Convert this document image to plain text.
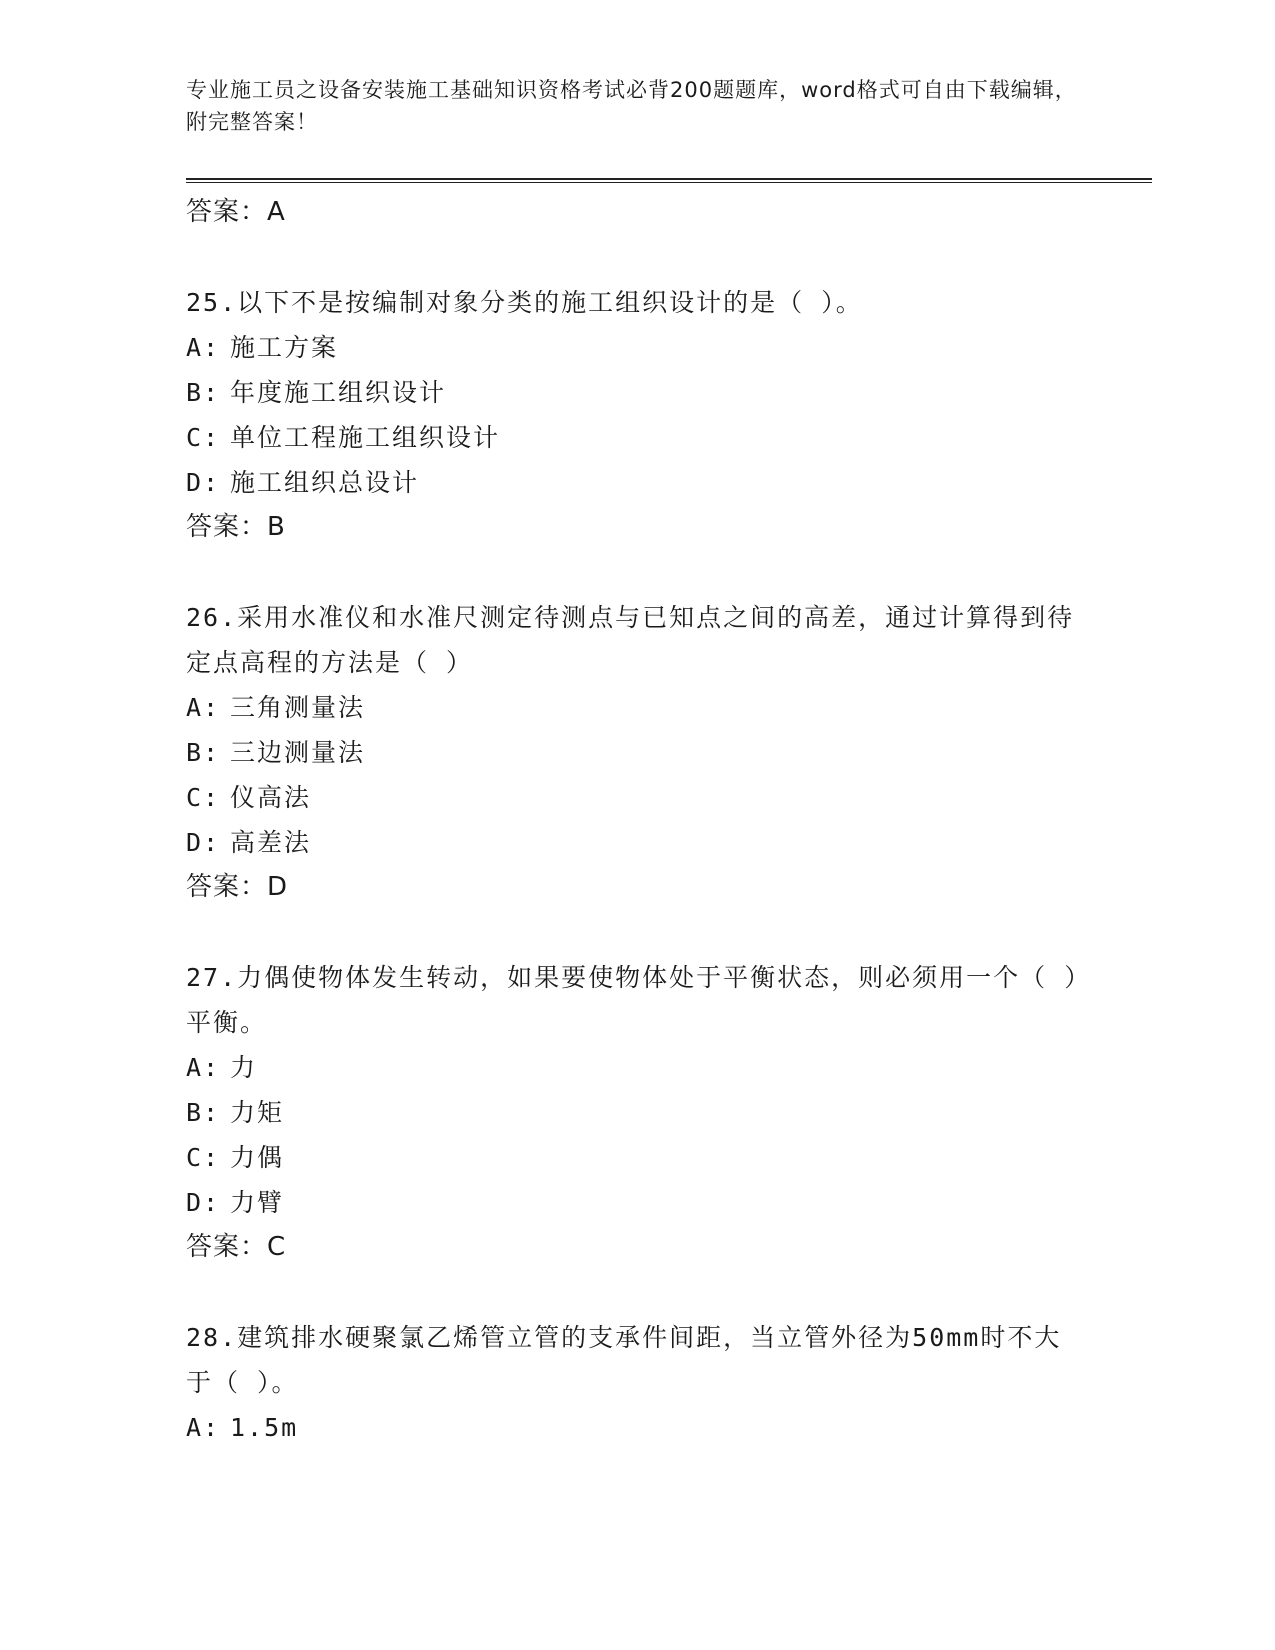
专业施工员之设备安装施工基础知识资格考试必背200题题库，word格式可自由下载编辑，附完整答案！
答案：A
25.以下不是按编制对象分类的施工组织设计的是（ ）。
A: 施工方案
B: 年度施工组织设计
C: 单位工程施工组织设计
D: 施工组织总设计
答案：B
26.采用水准仪和水准尺测定待测点与已知点之间的高差，通过计算得到待定点高程的方法是（ ）
A: 三角测量法
B: 三边测量法
C: 仪高法
D: 高差法
答案：D
27.力偶使物体发生转动，如果要使物体处于平衡状态，则必须用一个（ ）平衡。
A: 力
B: 力矩
C: 力偶
D: 力臂
答案：C
28.建筑排水硬聚氯乙烯管立管的支承件间距，当立管外径为50mm时不大于（ ）。
A: 1.5m
